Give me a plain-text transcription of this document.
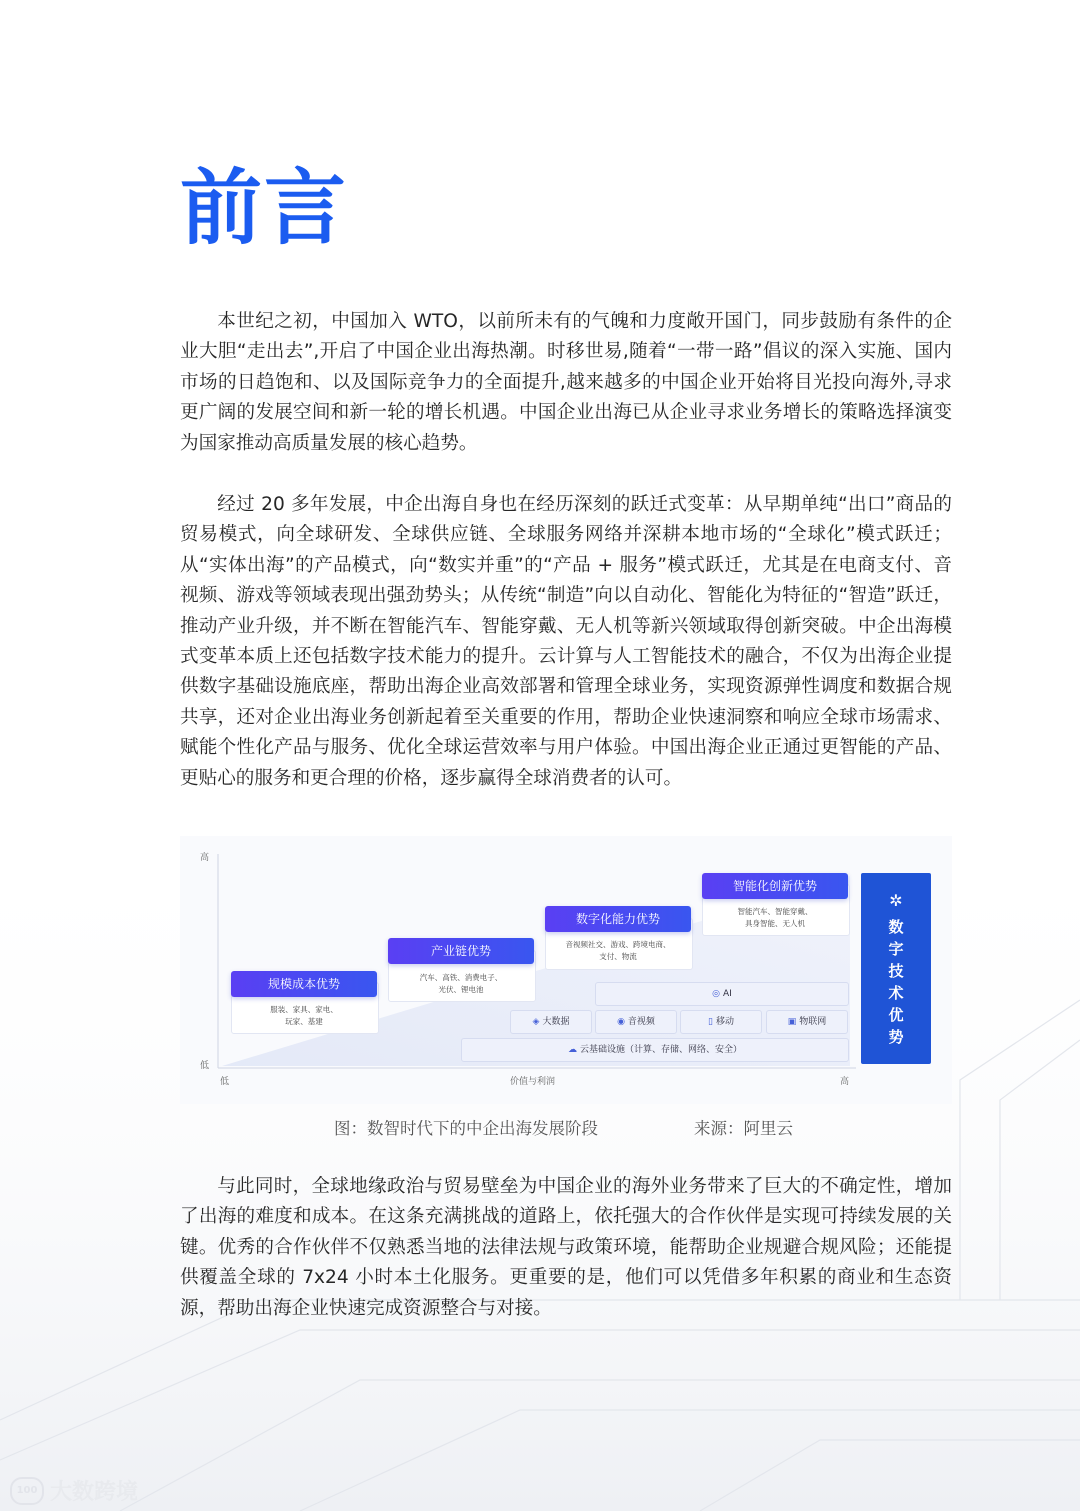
前言

本世纪之初，中国加入 WTO，以前所未有的气魄和力度敞开国门，同步鼓励有条件的企业大胆“走出去”,开启了中国企业出海热潮。时移世易,随着“一带一路”倡议的深入实施、国内市场的日趋饱和、以及国际竞争力的全面提升,越来越多的中国企业开始将目光投向海外,寻求更广阔的发展空间和新一轮的增长机遇。中国企业出海已从企业寻求业务增长的策略选择演变为国家推动高质量发展的核心趋势。

经过 20 多年发展，中企出海自身也在经历深刻的跃迁式变革：从早期单纯“出口”商品的贸易模式，向全球研发、全球供应链、全球服务网络并深耕本地市场的“全球化”模式跃迁；从“实体出海”的产品模式，向“数实并重”的“产品 + 服务”模式跃迁，尤其是在电商支付、音视频、游戏等领域表现出强劲势头；从传统“制造”向以自动化、智能化为特征的“智造”跃迁，推动产业升级，并不断在智能汽车、智能穿戴、无人机等新兴领域取得创新突破。中企出海模式变革本质上还包括数字技术能力的提升。云计算与人工智能技术的融合，不仅为出海企业提供数字基础设施底座，帮助出海企业高效部署和管理全球业务，实现资源弹性调度和数据合规共享，还对企业出海业务创新起着至关重要的作用，帮助企业快速洞察和响应全球市场需求、赋能个性化产品与服务、优化全球运营效率与用户体验。中国出海企业正通过更智能的产品、更贴心的服务和更合理的价格，逐步赢得全球消费者的认可。

高
低
低	价值与利润	高
规模成本优势
服装、家具、家电、
玩家、基建
产业链优势
汽车、高铁、消费电子、
光伏、锂电池
数字化能力优势
音视频社交、游戏、跨境电商、
支付、物流
智能化创新优势
智能汽车、智能穿戴、
具身智能、无人机
◎ AI
◈ 大数据	◉ 音视频	▯ 移动	▣ 物联网
☁ 云基础设施（计算、存储、网络、安全）
✲
数
字
技
术
优
势
图：数智时代下的中企出海发展阶段	来源：阿里云

与此同时，全球地缘政治与贸易壁垒为中国企业的海外业务带来了巨大的不确定性，增加了出海的难度和成本。在这条充满挑战的道路上，依托强大的合作伙伴是实现可持续发展的关键。优秀的合作伙伴不仅熟悉当地的法律法规与政策环境，能帮助企业规避合规风险；还能提供覆盖全球的 7x24 小时本土化服务。更重要的是，他们可以凭借多年积累的商业和生态资源，帮助出海企业快速完成资源整合与对接。

100 大数跨境
